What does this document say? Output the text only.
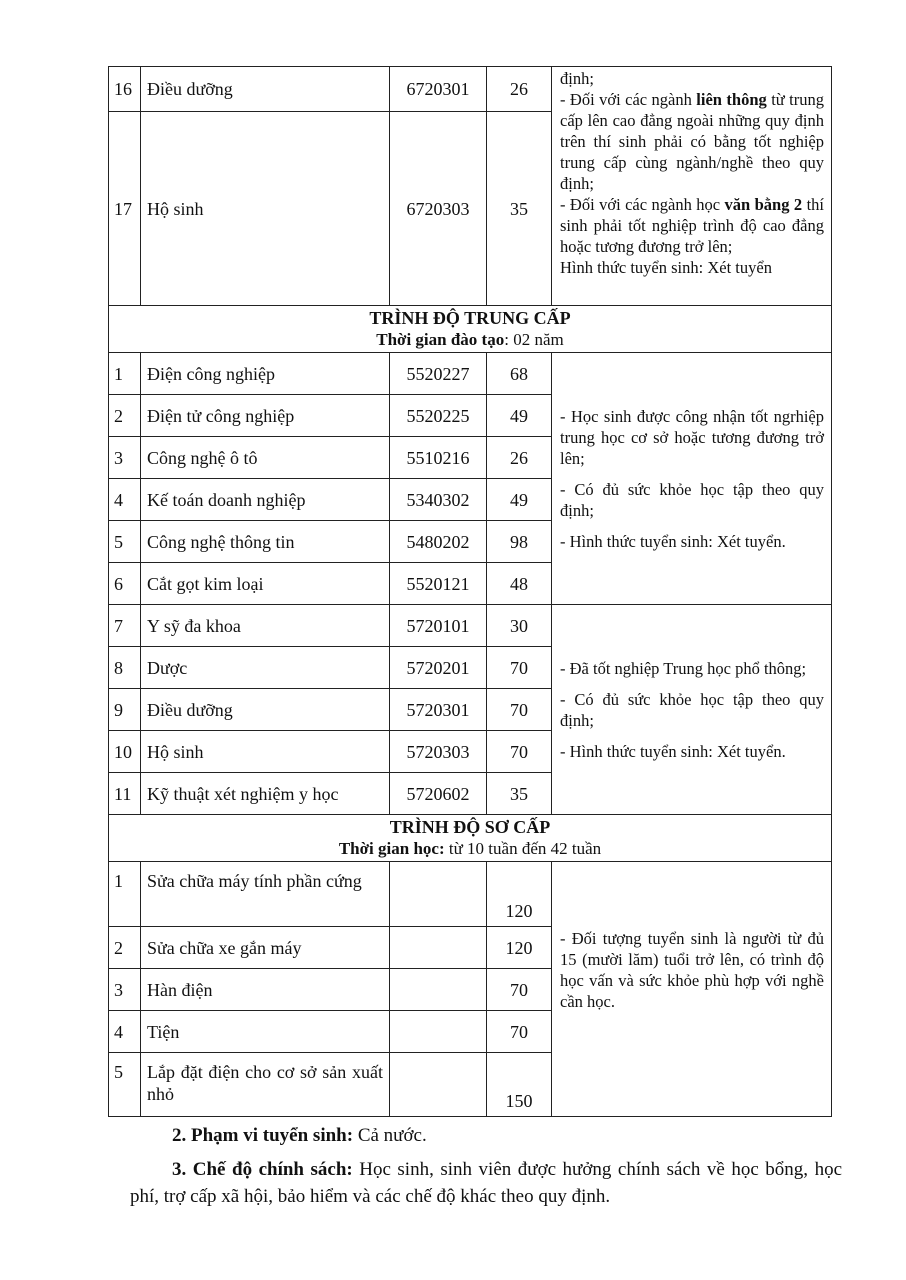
16	Điều dưỡng	6720301	26	định;

- Đối với các ngành liên thông từ trung cấp lên cao đẳng ngoài những quy định trên thí sinh phải có bằng tốt nghiệp trung cấp cùng ngành/nghề theo quy định;

- Đối với các ngành học văn bằng 2 thí sinh phải tốt nghiệp trình độ cao đẳng hoặc tương đương trở lên;

Hình thức tuyển sinh: Xét tuyển

17	Hộ sinh	6720303	35	

TRÌNH ĐỘ TRUNG CẤP
Thời gian đào tạo: 02 năm				

1	Điện công nghiệp	5520227	68	- Học sinh được công nhận tốt ngrhiệp trung học cơ sở hoặc tương đương trở lên;

- Có đủ sức khỏe học tập theo quy định;

- Hình thức tuyển sinh: Xét tuyển.

2	Điện tử công nghiệp	5520225	49	
3	Công nghệ ô tô	5510216	26	
4	Kế toán doanh nghiệp	5340302	49	
5	Công nghệ thông tin	5480202	98	
6	Cắt gọt kim loại	5520121	48	
7	Y sỹ đa khoa	5720101	30	- Đã tốt nghiệp Trung học phổ thông;

- Có đủ sức khỏe học tập theo quy định;

- Hình thức tuyển sinh: Xét tuyển.

8	Dược	5720201	70	
9	Điều dưỡng	5720301	70	
10	Hộ sinh	5720303	70	
11	Kỹ thuật xét nghiệm y học	5720602	35	

TRÌNH ĐỘ SƠ CẤP
Thời gian học: từ 10 tuần đến 42 tuần				

1	Sửa chữa máy tính phần cứng		120	- Đối tượng tuyển sinh là người từ đủ 15 (mười lăm) tuổi trở lên, có trình độ học vấn và sức khỏe phù hợp với nghề cần học.

2	Sửa chữa xe gắn máy		120	
3	Hàn điện		70	
4	Tiện		70	
5	Lắp đặt điện cho cơ sở sản xuất nhỏ		150	
2. Phạm vi tuyển sinh: Cả nước.
3. Chế độ chính sách: Học sinh, sinh viên được hưởng chính sách về học bổng, học phí, trợ cấp xã hội, bảo hiểm và các chế độ khác theo quy định.
